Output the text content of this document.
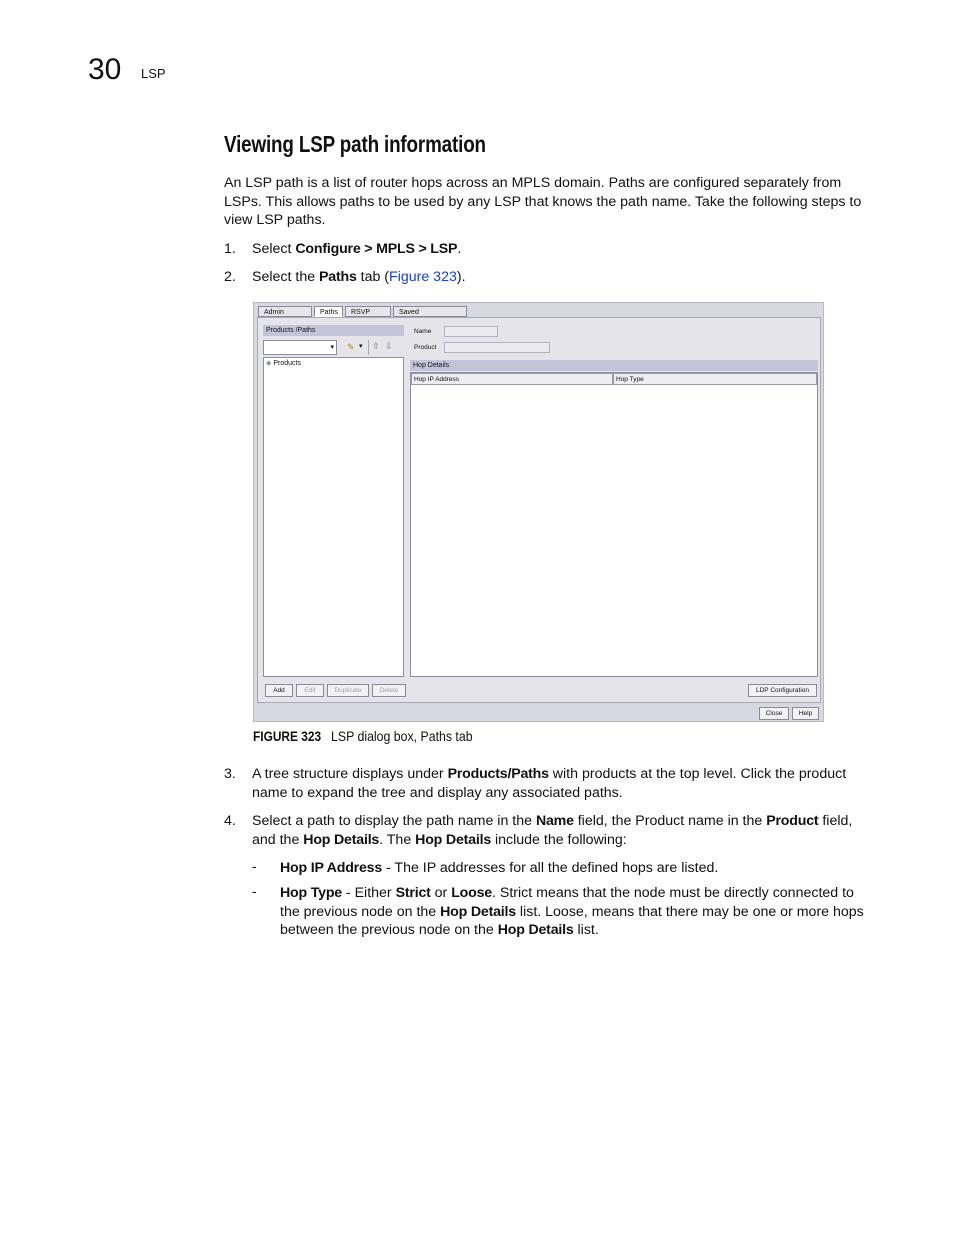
30 LSP
Viewing LSP path information
An LSP path is a list of router hops across an MPLS domain. Paths are configured separately from LSPs. This allows paths to be used by any LSP that knows the path name. Take the following steps to view LSP paths.
1. Select Configure > MPLS > LSP.
2. Select the Paths tab (Figure 323).
Admin	Paths	RSVP	Saved
Products /Paths
▾ ✎ ▾ ⇧ ⇩
◈ Products
Name
Product
Hop Details
Hop IP Address	Hop Type
Add	Edit	Duplicate	Delete	LDP Configuration
Close	Help
FIGURE 323 LSP dialog box, Paths tab
3. A tree structure displays under Products/Paths with products at the top level. Click the product name to expand the tree and display any associated paths.
4. Select a path to display the path name in the Name field, the Product name in the Product field, and the Hop Details. The Hop Details include the following:
- Hop IP Address - The IP addresses for all the defined hops are listed.
- Hop Type - Either Strict or Loose. Strict means that the node must be directly connected to the previous node on the Hop Details list. Loose, means that there may be one or more hops between the previous node on the Hop Details list.
